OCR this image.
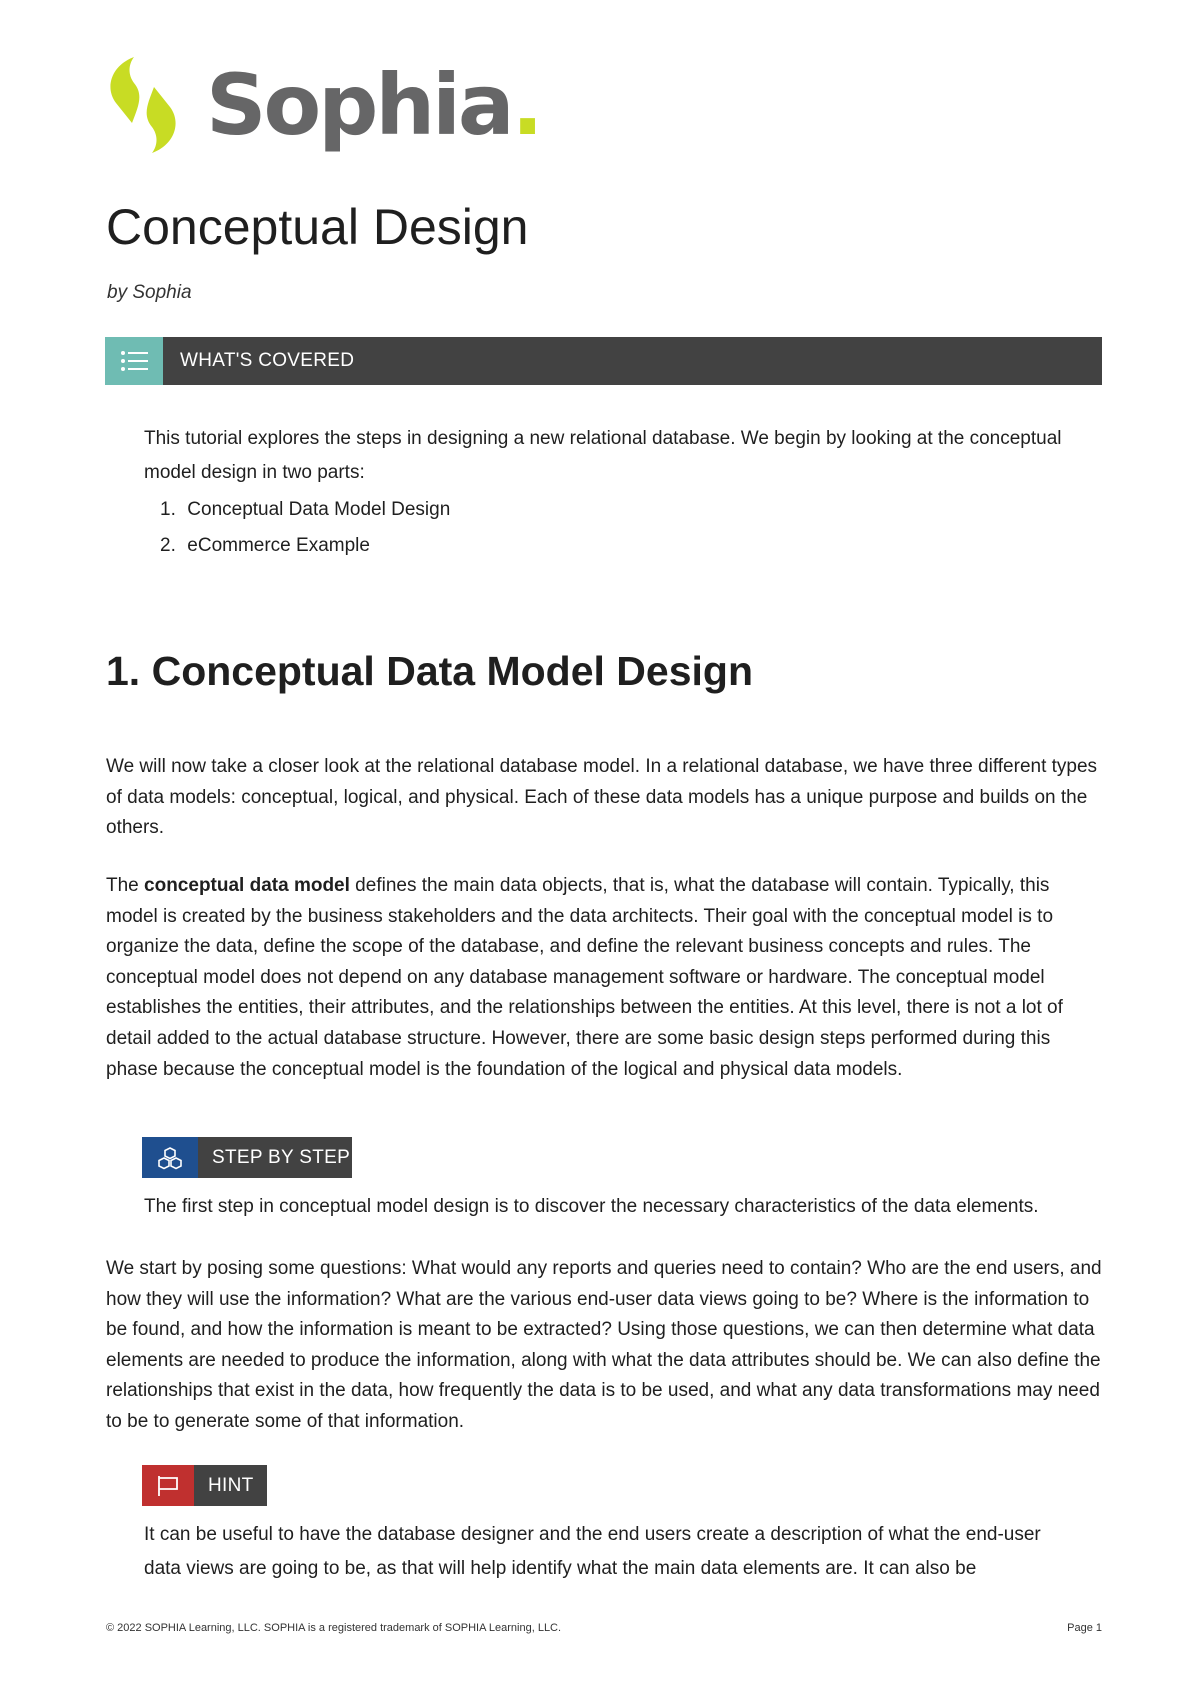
Sophia.
Conceptual Design
by Sophia
WHAT'S COVERED

This tutorial explores the steps in designing a new relational database. We begin by looking at the conceptual model design in two parts:

1. Conceptual Data Model Design
2. eCommerce Example
1. Conceptual Data Model Design

We will now take a closer look at the relational database model. In a relational database, we have three different types of data models: conceptual, logical, and physical. Each of these data models has a unique purpose and builds on the others.

The conceptual data model defines the main data objects, that is, what the database will contain. Typically, this model is created by the business stakeholders and the data architects. Their goal with the conceptual model is to organize the data, define the scope of the database, and define the relevant business concepts and rules. The conceptual model does not depend on any database management software or hardware. The conceptual model establishes the entities, their attributes, and the relationships between the entities. At this level, there is not a lot of detail added to the actual database structure. However, there are some basic design steps performed during this phase because the conceptual model is the foundation of the logical and physical data models.

STEP BY STEP

The first step in conceptual model design is to discover the necessary characteristics of the data elements.

We start by posing some questions: What would any reports and queries need to contain? Who are the end users, and how they will use the information? What are the various end-user data views going to be? Where is the information to be found, and how the information is meant to be extracted? Using those questions, we can then determine what data elements are needed to produce the information, along with what the data attributes should be. We can also define the relationships that exist in the data, how frequently the data is to be used, and what any data transformations may need to be to generate some of that information.

HINT

It can be useful to have the database designer and the end users create a description of what the end-user data views are going to be, as that will help identify what the main data elements are. It can also be

© 2022 SOPHIA Learning, LLC. SOPHIA is a registered trademark of SOPHIA Learning, LLC.	Page 1
